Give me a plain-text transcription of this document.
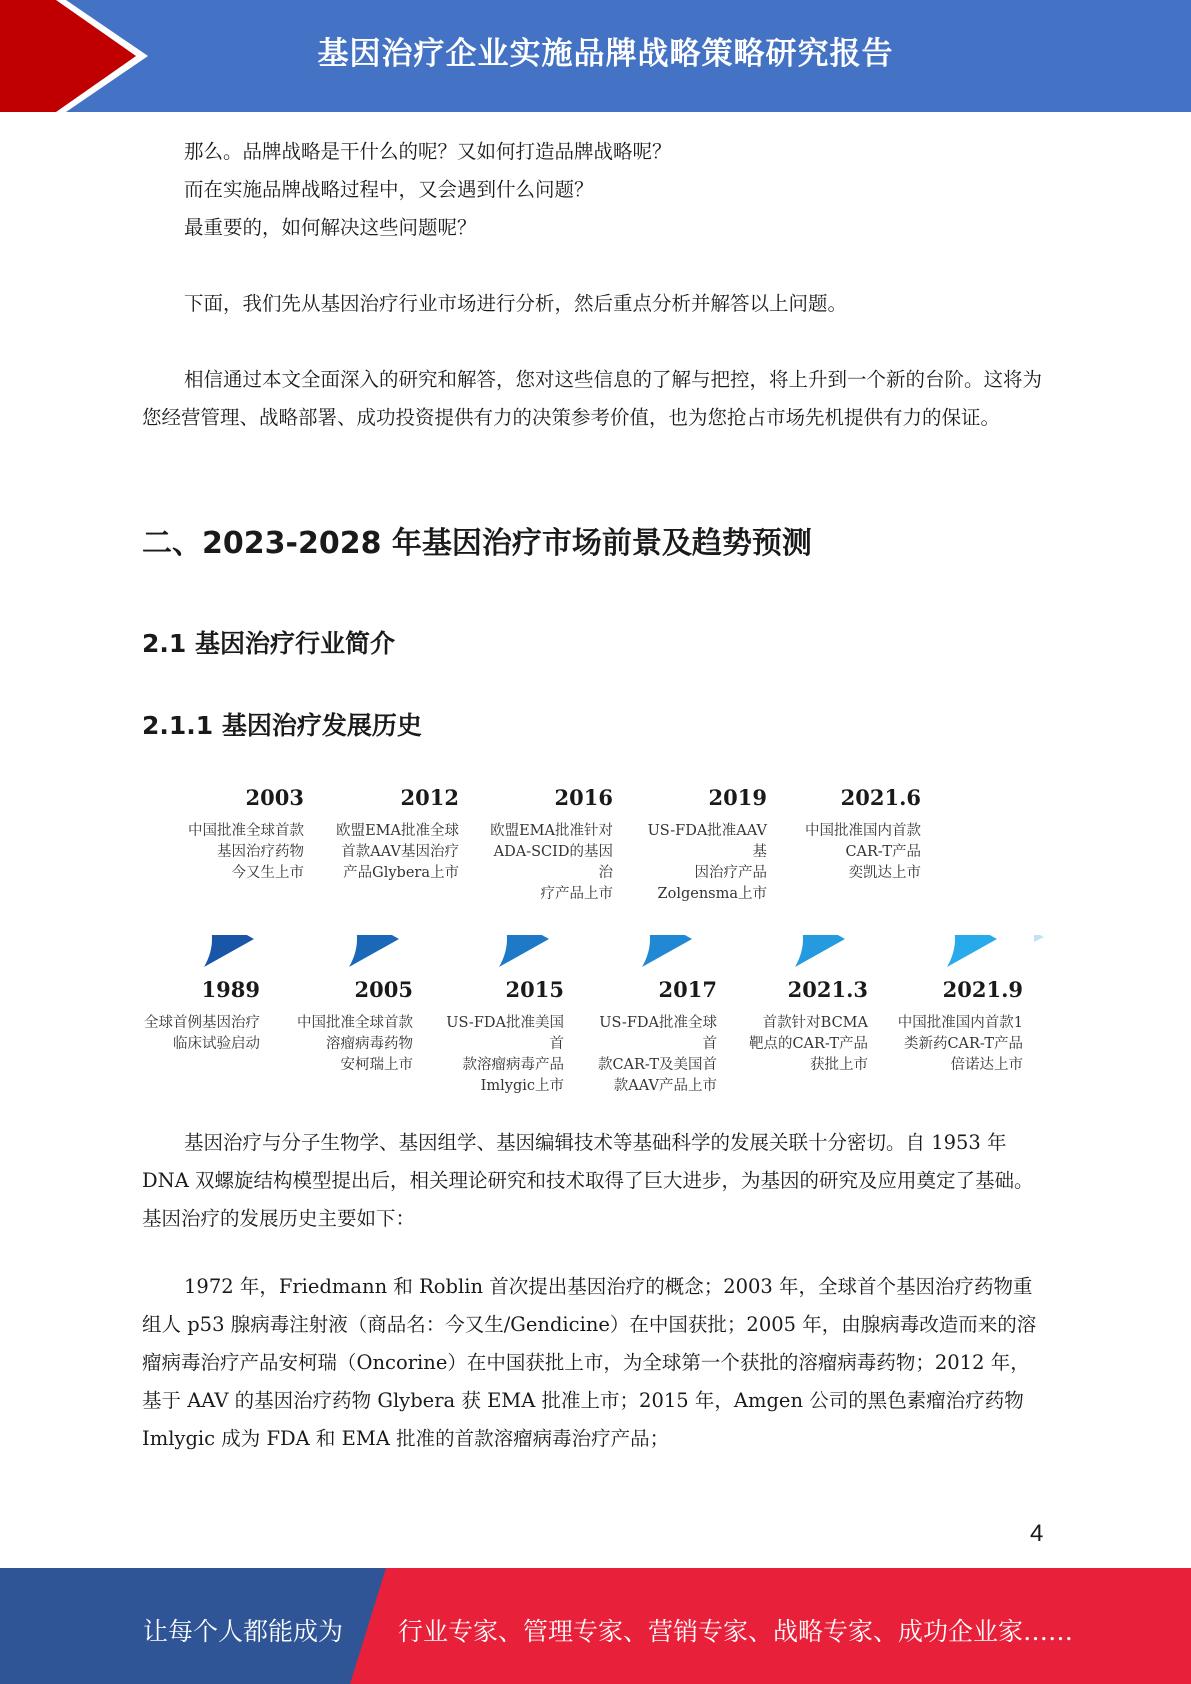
基因治疗企业实施品牌战略策略研究报告

那么。品牌战略是干什么的呢？又如何打造品牌战略呢？

而在实施品牌战略过程中，又会遇到什么问题？

最重要的，如何解决这些问题呢？

下面，我们先从基因治疗行业市场进行分析，然后重点分析并解答以上问题。

相信通过本文全面深入的研究和解答，您对这些信息的了解与把控，将上升到一个新的台阶。这将为您经营管理、战略部署、成功投资提供有力的决策参考价值，也为您抢占市场先机提供有力的保证。

二、2023-2028 年基因治疗市场前景及趋势预测
2.1 基因治疗行业简介
2.1.1 基因治疗发展历史
2003
中国批准全球首款
基因治疗药物
今又生上市
2012
欧盟EMA批准全球
首款AAV基因治疗
产品Glybera上市
2016
欧盟EMA批准针对
ADA-SCID的基因治
疗产品上市
2019
US-FDA批准AAV基
因治疗产品
Zolgensma上市
2021.6
中国批准国内首款
CAR-T产品
奕凯达上市
1989
全球首例基因治疗
临床试验启动
2005
中国批准全球首款
溶瘤病毒药物
安柯瑞上市
2015
US-FDA批准美国首
款溶瘤病毒产品
Imlygic上市
2017
US-FDA批准全球首
款CAR-T及美国首
款AAV产品上市
2021.3
首款针对BCMA
靶点的CAR-T产品
获批上市
2021.9
中国批准国内首款1
类新药CAR-T产品
倍诺达上市

基因治疗与分子生物学、基因组学、基因编辑技术等基础科学的发展关联十分密切。自 1953 年 DNA 双螺旋结构模型提出后，相关理论研究和技术取得了巨大进步，为基因的研究及应用奠定了基础。基因治疗的发展历史主要如下：

1972 年，Friedmann 和 Roblin 首次提出基因治疗的概念；2003 年，全球首个基因治疗药物重组人 p53 腺病毒注射液（商品名：今又生/Gendicine）在中国获批；2005 年，由腺病毒改造而来的溶瘤病毒治疗产品安柯瑞（Oncorine）在中国获批上市，为全球第一个获批的溶瘤病毒药物；2012 年，基于 AAV 的基因治疗药物 Glybera 获 EMA 批准上市；2015 年，Amgen 公司的黑色素瘤治疗药物 Imlygic 成为 FDA 和 EMA 批准的首款溶瘤病毒治疗产品；

4
让每个人都能成为 行业专家、管理专家、营销专家、战略专家、成功企业家……
